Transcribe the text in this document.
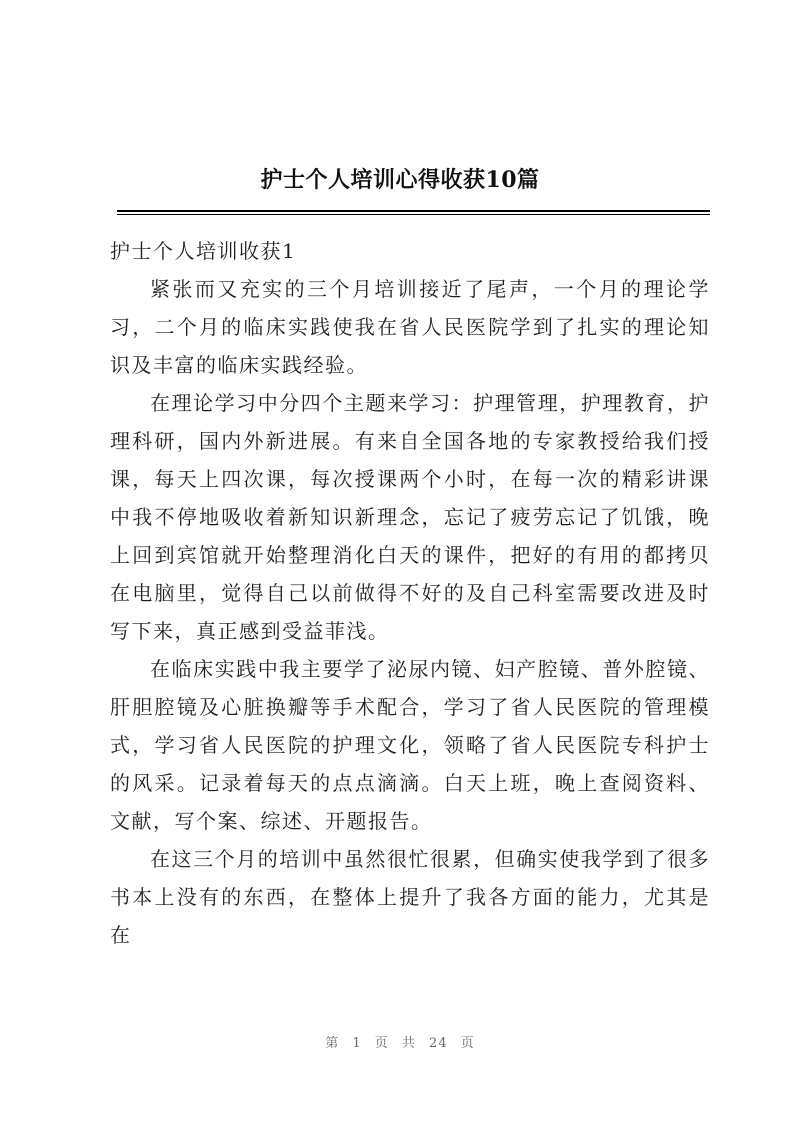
护士个人培训心得收获10篇

护士个人培训收获1

紧张而又充实的三个月培训接近了尾声，一个月的理论学习，二个月的临床实践使我在省人民医院学到了扎实的理论知识及丰富的临床实践经验。

在理论学习中分四个主题来学习：护理管理，护理教育，护理科研，国内外新进展。有来自全国各地的专家教授给我们授课，每天上四次课，每次授课两个小时，在每一次的精彩讲课中我不停地吸收着新知识新理念，忘记了疲劳忘记了饥饿，晚上回到宾馆就开始整理消化白天的课件，把好的有用的都拷贝在电脑里，觉得自己以前做得不好的及自己科室需要改进及时写下来，真正感到受益菲浅。

在临床实践中我主要学了泌尿内镜、妇产腔镜、普外腔镜、肝胆腔镜及心脏换瓣等手术配合，学习了省人民医院的管理模式，学习省人民医院的护理文化，领略了省人民医院专科护士的风采。记录着每天的点点滴滴。白天上班，晚上查阅资料、文献，写个案、综述、开题报告。

在这三个月的培训中虽然很忙很累，但确实使我学到了很多书本上没有的东西，在整体上提升了我各方面的能力，尤其是在

第 1 页 共 24 页
